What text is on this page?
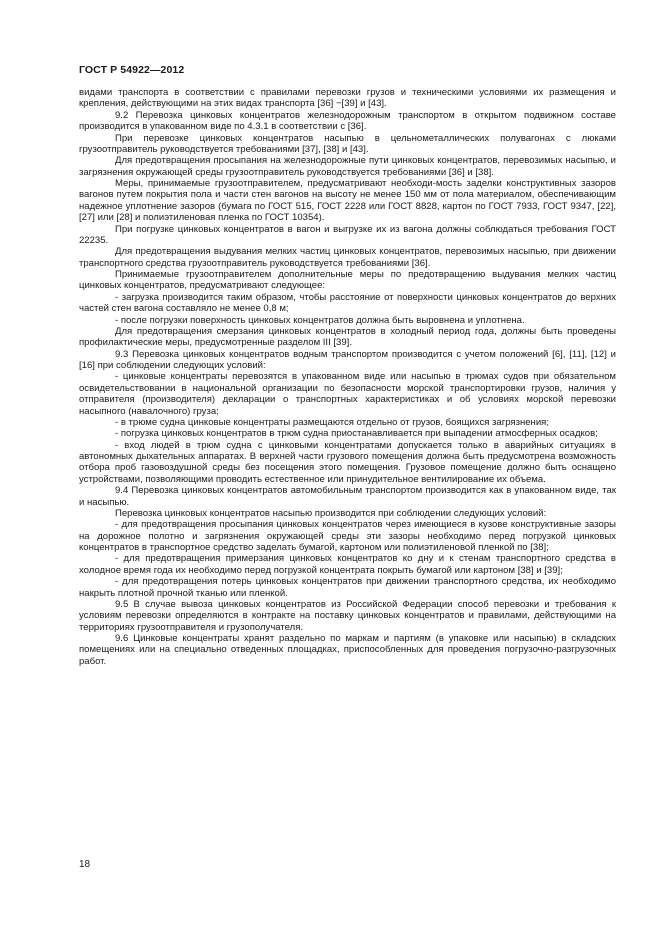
ГОСТ Р 54922—2012

видами транспорта в соответствии с правилами перевозки грузов и техническими условиями их размещения и крепления, действующими на этих видах транспорта [36] −[39] и [43].

9.2 Перевозка цинковых концентратов железнодорожным транспортом в открытом подвижном составе производится в упакованном виде по 4.3.1 в соответствии с [36].

При перевозке цинковых концентратов насыпью в цельнометаллических полувагонах с люками грузоотправитель руководствуется требованиями [37], [38] и [43].

Для предотвращения просыпания на железнодорожные пути цинковых концентратов, перевозимых насыпью, и загрязнения окружающей среды грузоотправитель руководствуется требованиями [36] и [38].

Меры, принимаемые грузоотправителем, предусматривают необходи-мость заделки конструктивных зазоров вагонов путем покрытия пола и части стен вагонов на высоту не менее 150 мм от пола материалом, обеспечивающим надежное уплотнение зазоров (бумага по ГОСТ 515, ГОСТ 2228 или ГОСТ 8828, картон по ГОСТ 7933, ГОСТ 9347, [22], [27] или [28] и полиэтиленовая пленка по ГОСТ 10354).

При погрузке цинковых концентратов в вагон и выгрузке их из вагона должны соблюдаться требования ГОСТ 22235.

Для предотвращения выдувания мелких частиц цинковых концентратов, перевозимых насыпью, при движении транспортного средства грузоотправитель руководствуется требованиями [36].

Принимаемые грузоотправителем дополнительные меры по предотвращению выдувания мелких частиц цинковых концентратов, предусматривают следующее:

- загрузка производится таким образом, чтобы расстояние от поверхности цинковых концентратов до верхних частей стен вагона составляло не менее 0,8 м;

- после погрузки поверхность цинковых концентратов должна быть выровнена и уплотнена.

Для предотвращения смерзания цинковых концентратов в холодный период года, должны быть проведены профилактические меры, предусмотренные разделом III [39].

9.3 Перевозка цинковых концентратов водным транспортом производится с учетом положений [6], [11], [12] и [16] при соблюдении следующих условий:

- цинковые концентраты перевозятся в упакованном виде или насыпью в трюмах судов при обязательном освидетельствовании в национальной организации по безопасности морской транспортировки грузов, наличия у отправителя (производителя) декларации о транспортных характеристиках и об условиях морской перевозки насыпного (навалочного) груза;

- в трюме судна цинковые концентраты размещаются отдельно от грузов, боящихся загрязнения;

- погрузка цинковых концентратов в трюм судна приостанавливается при выпадении атмосферных осадков;

- вход людей в трюм судна с цинковыми концентратами допускается только в аварийных ситуациях в автономных дыхательных аппаратах. В верхней части грузового помещения должна быть предусмотрена возможность отбора проб газовоздушной среды без посещения этого помещения. Грузовое помещение должно быть оснащено устройствами, позволяющими проводить естественное или принудительное вентилирование их объема.

9.4 Перевозка цинковых концентратов автомобильным транспортом производится как в упакованном виде, так и насыпью.

Перевозка цинковых концентратов насыпью производится при соблюдении следующих условий:

- для предотвращения просыпания цинковых концентратов через имеющиеся в кузове конструктивные зазоры на дорожное полотно и загрязнения окружающей среды эти зазоры необходимо перед погрузкой цинковых концентратов в транспортное средство заделать бумагой, картоном или полиэтиленовой пленкой по [38];

- для предотвращения примерзания цинковых концентратов ко дну и к стенам транспортного средства в холодное время года их необходимо перед погрузкой концентрата покрыть бумагой или картоном [38] и [39];

- для предотвращения потерь цинковых концентратов при движении транспортного средства, их необходимо накрыть плотной прочной тканью или пленкой.

9.5 В случае вывоза цинковых концентратов из Российской Федерации способ перевозки и требования к условиям перевозки определяются в контракте на поставку цинковых концентратов и правилами, действующими на территориях грузоотправителя и грузополучателя.

9.6 Цинковые концентраты хранят раздельно по маркам и партиям (в упаковке или насыпью) в складских помещениях или на специально отведенных площадках, приспособленных для проведения погрузочно-разгрузочных работ.

18
